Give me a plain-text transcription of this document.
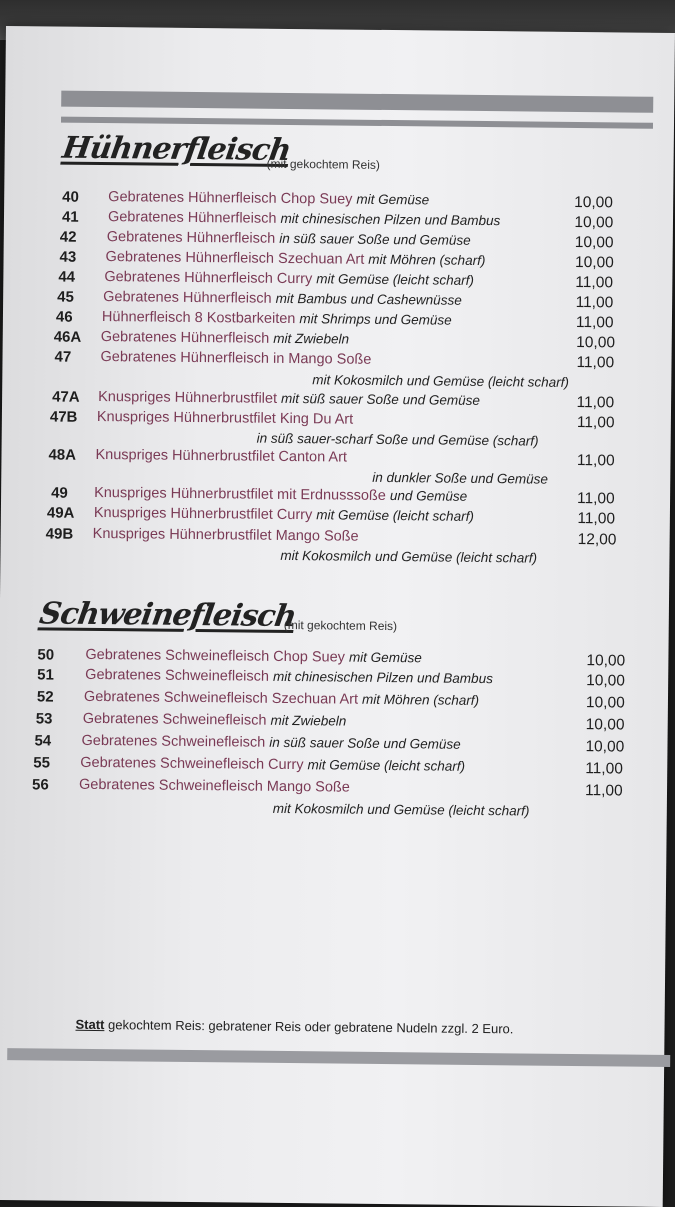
Hühnerfleisch
(mit gekochtem Reis)
40 Gebratenes Hühnerfleisch Chop Suey mit Gemüse	10,00
41 Gebratenes Hühnerfleisch mit chinesischen Pilzen und Bambus	10,00
42 Gebratenes Hühnerfleisch in süß sauer Soße und Gemüse	10,00
43 Gebratenes Hühnerfleisch Szechuan Art mit Möhren (scharf)	10,00
44 Gebratenes Hühnerfleisch Curry mit Gemüse (leicht scharf)	11,00
45 Gebratenes Hühnerfleisch mit Bambus und Cashewnüsse	11,00
46 Hühnerfleisch 8 Kostbarkeiten mit Shrimps und Gemüse	11,00
46A Gebratenes Hühnerfleisch mit Zwiebeln	10,00
47 Gebratenes Hühnerfleisch in Mango Soße	11,00
mit Kokosmilch und Gemüse (leicht scharf)
47A Knuspriges Hühnerbrustfilet mit süß sauer Soße und Gemüse	11,00
47B Knuspriges Hühnerbrustfilet King Du Art	11,00
in süß sauer-scharf Soße und Gemüse (scharf)
48A Knuspriges Hühnerbrustfilet Canton Art	11,00
in dunkler Soße und Gemüse
49 Knuspriges Hühnerbrustfilet mit Erdnusssoße und Gemüse	11,00
49A Knuspriges Hühnerbrustfilet Curry mit Gemüse (leicht scharf)	11,00
49B Knuspriges Hühnerbrustfilet Mango Soße	12,00
mit Kokosmilch und Gemüse (leicht scharf)
Schweinefleisch
(mit gekochtem Reis)
50 Gebratenes Schweinefleisch Chop Suey mit Gemüse	10,00
51 Gebratenes Schweinefleisch mit chinesischen Pilzen und Bambus	10,00
52 Gebratenes Schweinefleisch Szechuan Art mit Möhren (scharf)	10,00
53 Gebratenes Schweinefleisch mit Zwiebeln	10,00
54 Gebratenes Schweinefleisch in süß sauer Soße und Gemüse	10,00
55 Gebratenes Schweinefleisch Curry mit Gemüse (leicht scharf)	11,00
56 Gebratenes Schweinefleisch Mango Soße	11,00
mit Kokosmilch und Gemüse (leicht scharf)
Statt gekochtem Reis: gebratener Reis oder gebratene Nudeln zzgl. 2 Euro.
